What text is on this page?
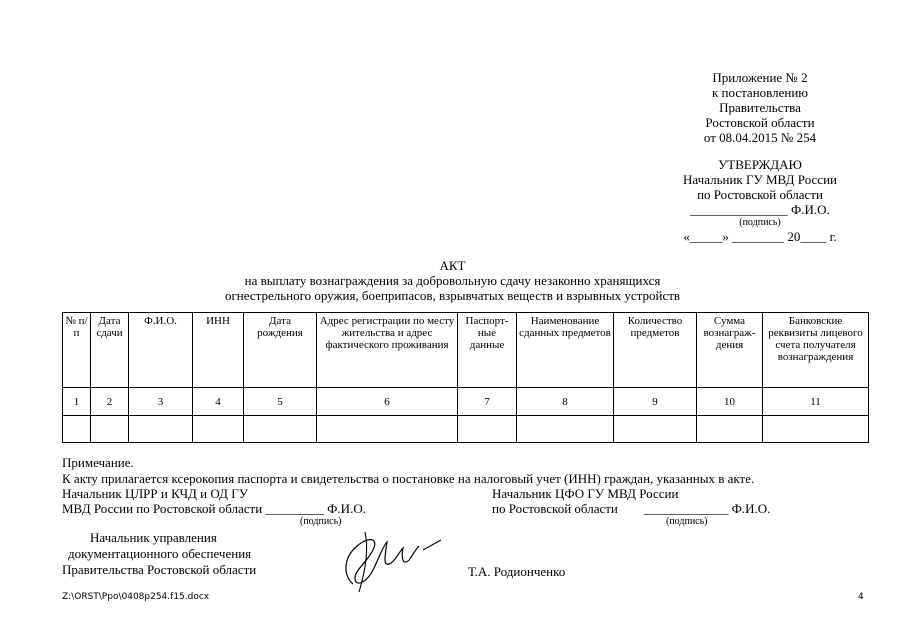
Приложение № 2
к постановлению
Правительства
Ростовской области
от 08.04.2015 № 254
УТВЕРЖДАЮ
Начальник ГУ МВД России
по Ростовской области
_______________ Ф.И.О.
(подпись)
«_____» ________ 20____ г.
АКТ
на выплату вознаграждения за добровольную сдачу незаконно хранящихся
огнестрельного оружия, боеприпасов, взрывчатых веществ и взрывных устройств
№ п/п	Дата сдачи	Ф.И.О.	ИНН	Дата рождения	Адрес регистрации по месту жительства и адрес фактического проживания	Паспорт-ные данные	Наименование сданных предметов	Количество предметов	Сумма вознаграж-дения	Банковские реквизиты лицевого счета получателя вознаграждения
1	2	3	4	5	6	7	8	9	10	11

Примечание.
К акту прилагается ксерокопия паспорта и свидетельства о постановке на налоговый учет (ИНН) граждан, указанных в акте.
Начальник ЦЛРР и КЧД и ОД ГУ
МВД России по Ростовской области _________ Ф.И.О.
(подпись)
Начальник ЦФО ГУ МВД России
по Ростовской области        _____________ Ф.И.О.
(подпись)
Начальник управления
документационного обеспечения
Правительства Ростовской области	Т.А. Родионченко
Z:\ORST\Ppo\0408p254.f15.docx	4
